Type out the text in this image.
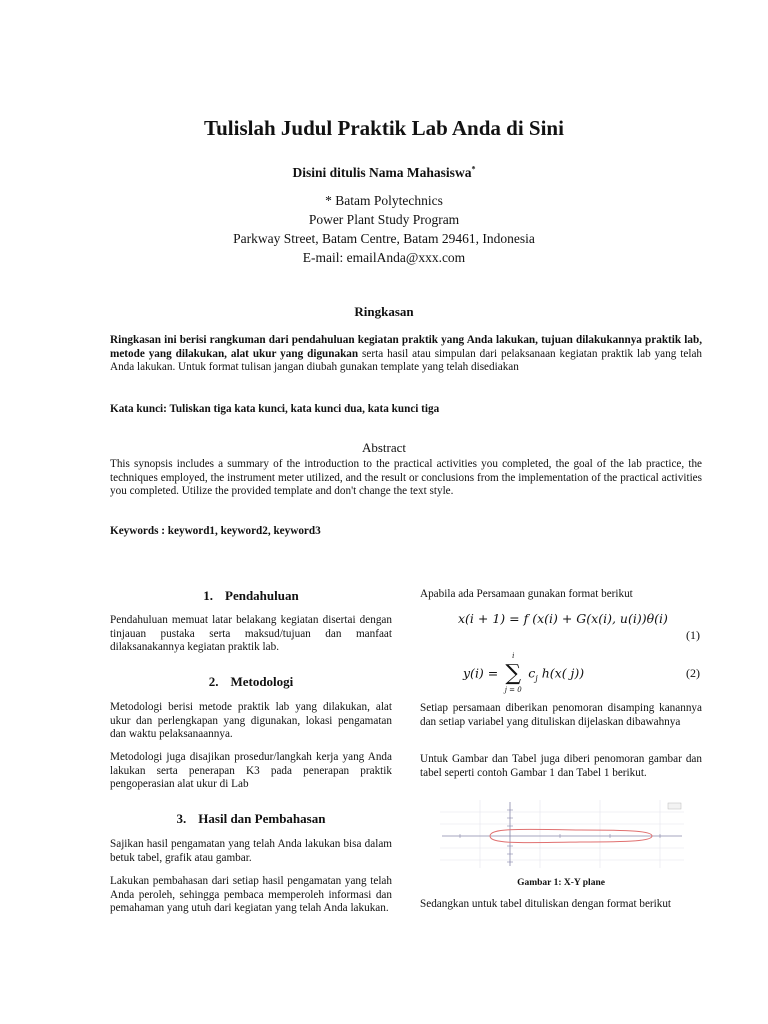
Tulislah Judul Praktik Lab Anda di Sini
Disini ditulis Nama Mahasiswa*
* Batam Polytechnics
Power Plant Study Program
Parkway Street, Batam Centre, Batam 29461, Indonesia
E-mail: emailAnda@xxx.com
Ringkasan

Ringkasan ini berisi rangkuman dari pendahuluan kegiatan praktik yang Anda lakukan, tujuan dilakukannya praktik lab, metode yang dilakukan, alat ukur yang digunakan serta hasil atau simpulan dari pelaksanaan kegiatan praktik lab yang telah Anda lakukan. Untuk format tulisan jangan diubah gunakan template yang telah disediakan

Kata kunci: Tuliskan tiga kata kunci, kata kunci dua, kata kunci tiga

Abstract

This synopsis includes a summary of the introduction to the practical activities you completed, the goal of the lab practice, the techniques employed, the instrument meter utilized, and the result or conclusions from the implementation of the practical activities you completed. Utilize the provided template and don't change the text style.

Keywords : keyword1, keyword2, keyword3

1. Pendahuluan

Pendahuluan memuat latar belakang kegiatan disertai dengan tinjauan pustaka serta maksud/tujuan dan manfaat dilaksanakannya kegiatan praktik lab.

2. Metodologi

Metodologi berisi metode praktik lab yang dilakukan, alat ukur dan perlengkapan yang digunakan, lokasi pengamatan dan waktu pelaksanaannya.

Metodologi juga disajikan prosedur/langkah kerja yang Anda lakukan serta penerapan K3 pada penerapan praktik pengoperasian alat ukur di Lab

3. Hasil dan Pembahasan

Sajikan hasil pengamatan yang telah Anda lakukan bisa dalam betuk tabel, grafik atau gambar.

Lakukan pembahasan dari setiap hasil pengamatan yang telah Anda peroleh, sehingga pembaca memperoleh informasi dan pemahaman yang utuh dari kegiatan yang telah Anda lakukan.

Apabila ada Persamaan gunakan format berikut

x(i + 1) = f (x(i) + G(x(i), u(i))θ(i)
(1)
y(i) = ∑
i
j = 0
$c_j$ h(x( j))	(2)

Setiap persamaan diberikan penomoran disamping kanannya dan setiap variabel yang dituliskan dijelaskan dibawahnya

Untuk Gambar dan Tabel juga diberi penomoran gambar dan tabel seperti contoh Gambar 1 dan Tabel 1 berikut.

Gambar 1: X-Y plane

Sedangkan untuk tabel dituliskan dengan format berikut
